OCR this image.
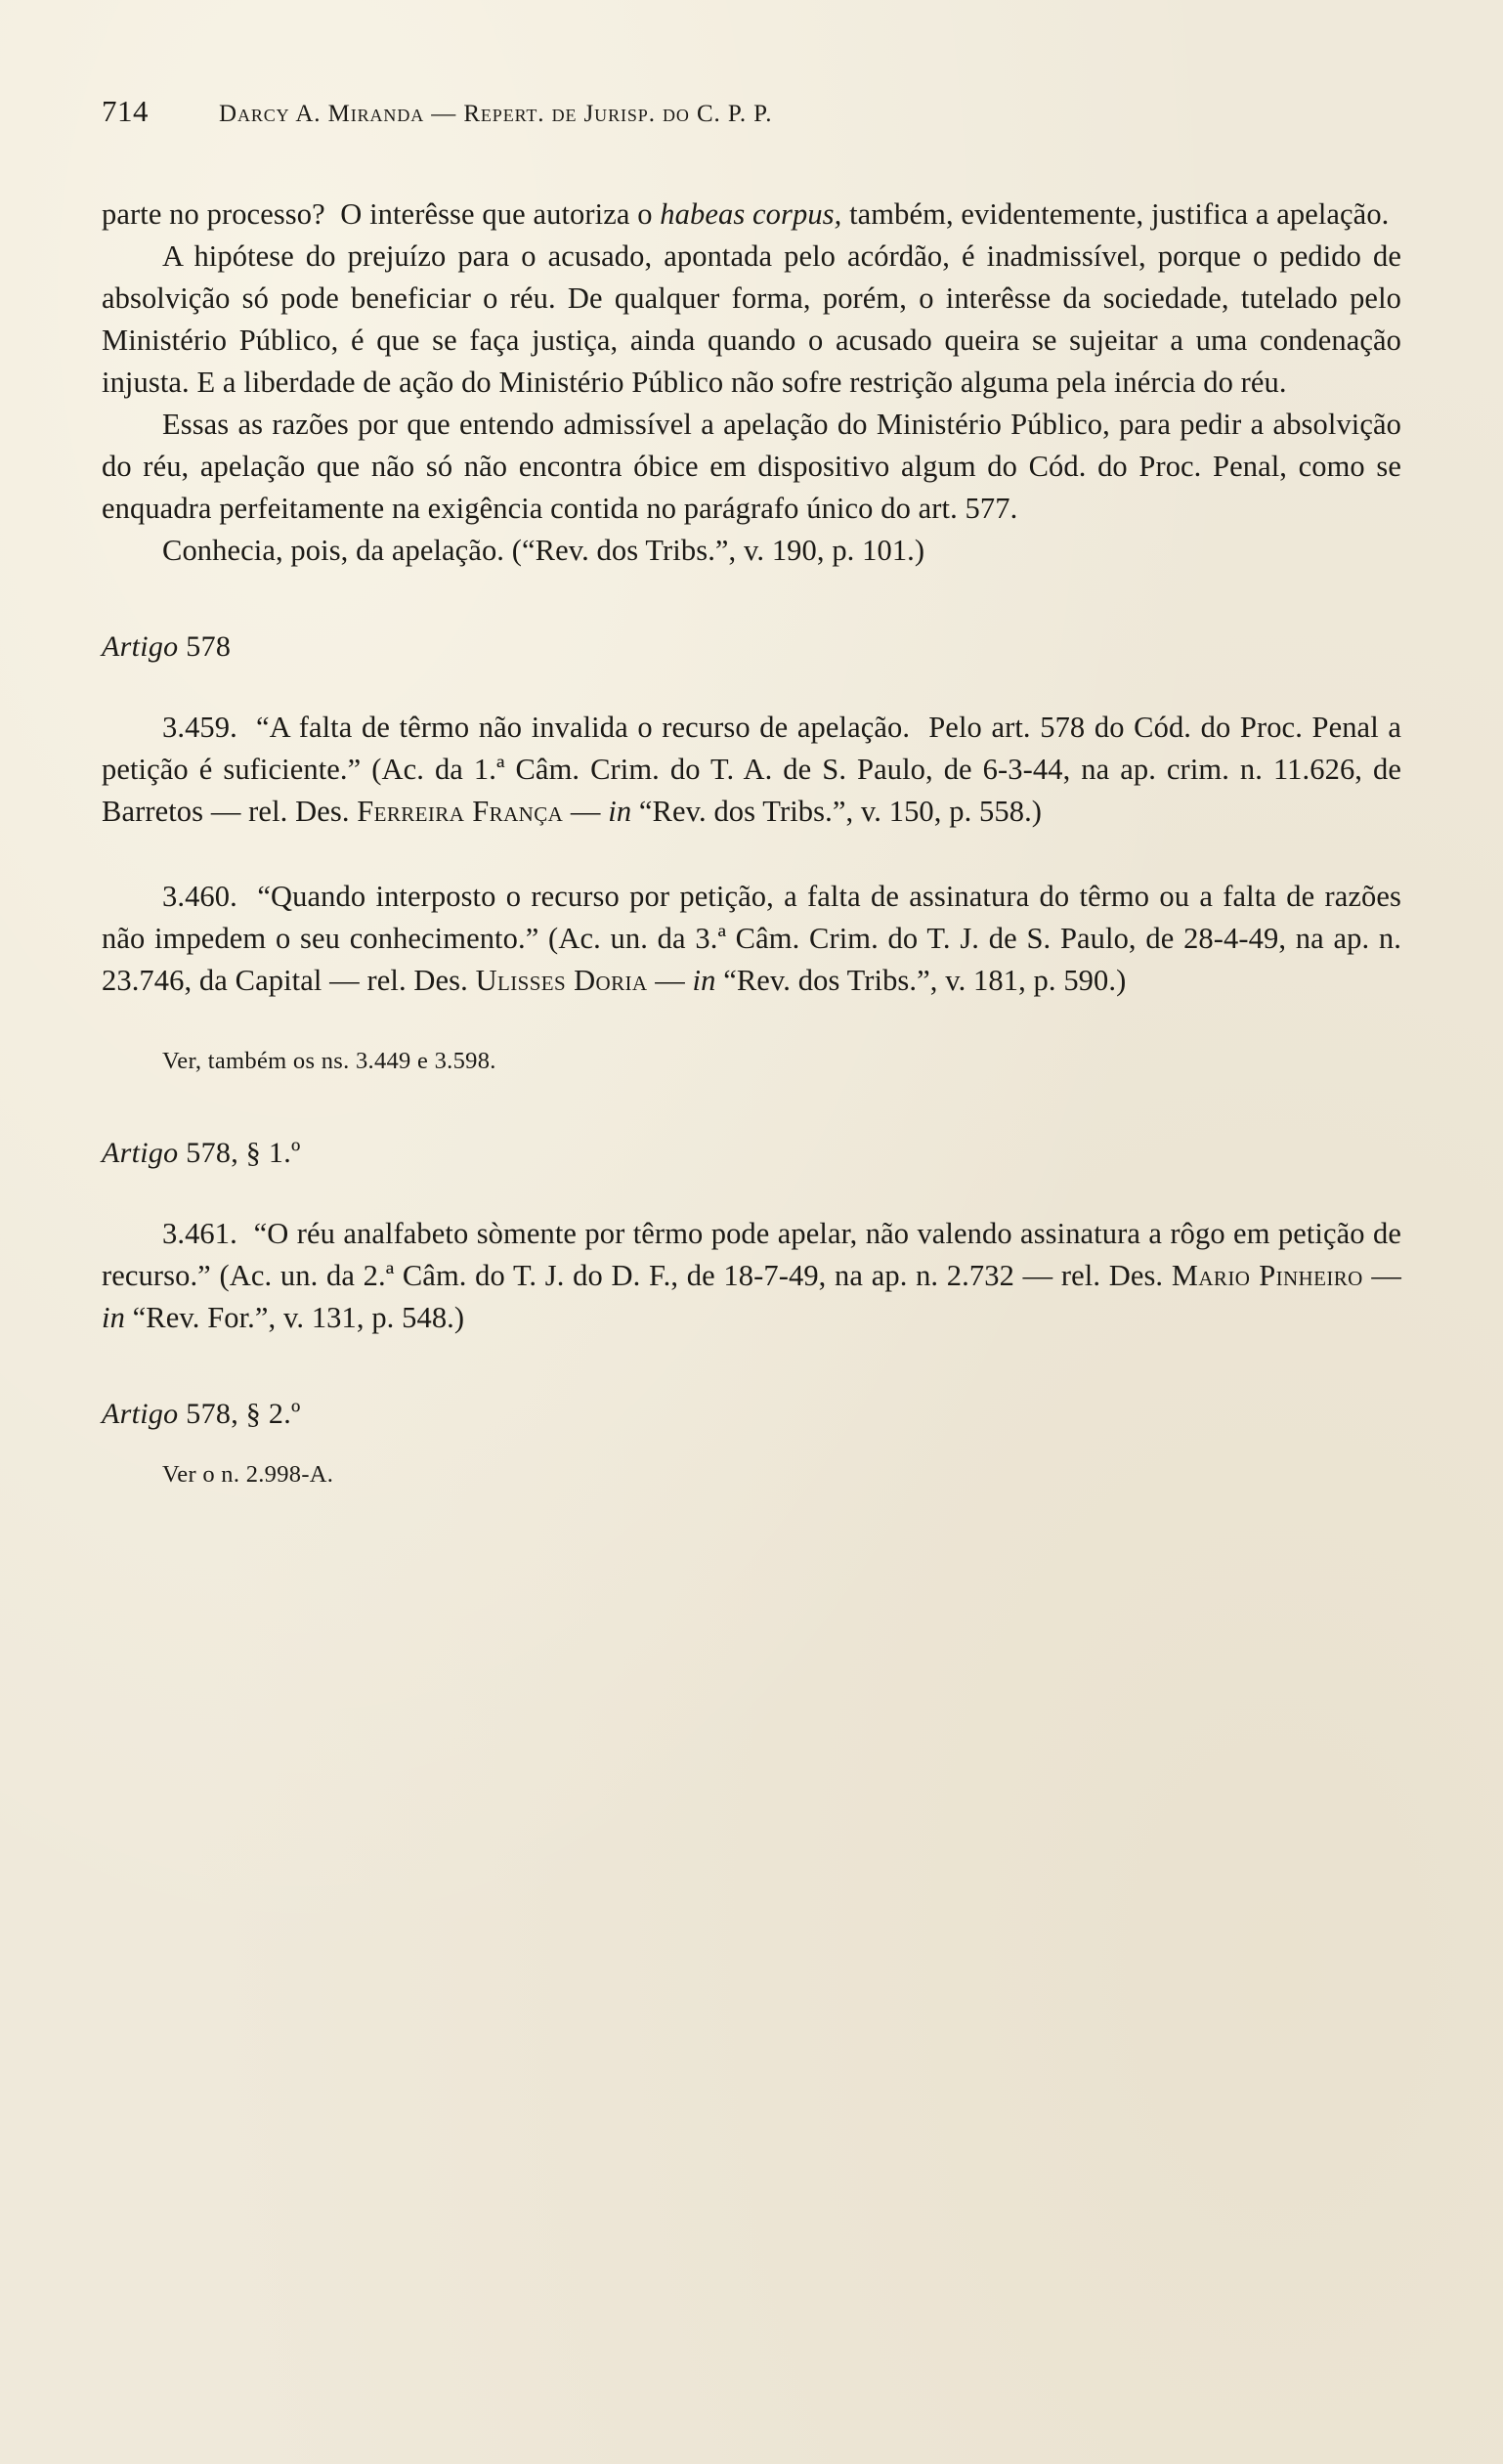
714	Darcy A. Miranda — Repert. de Jurisp. do C. P. P.

parte no processo?  O interêsse que autoriza o habeas corpus, também, evidentemente, justifica a apelação.

A hipótese do prejuízo para o acusado, apontada pelo acórdão, é inadmissível, porque o pedido de absolvição só pode beneficiar o réu. De qualquer forma, porém, o interêsse da sociedade, tutelado pelo Ministério Público, é que se faça justiça, ainda quando o acusado queira se sujeitar a uma condenação injusta. E a liberdade de ação do Ministério Público não sofre restrição alguma pela inércia do réu.

Essas as razões por que entendo admissível a apelação do Ministério Público, para pedir a absolvição do réu, apelação que não só não encontra óbice em dispositivo algum do Cód. do Proc. Penal, como se enquadra perfeitamente na exigência contida no parágrafo único do art. 577.

Conhecia, pois, da apelação. (“Rev. dos Tribs.”, v. 190, p. 101.)

Artigo 578

3.459.  “A falta de têrmo não invalida o recurso de apelação.  Pelo art. 578 do Cód. do Proc. Penal a petição é suficiente.” (Ac. da 1.ª Câm. Crim. do T. A. de S. Paulo, de 6-3-44, na ap. crim. n. 11.626, de Barretos — rel. Des. Ferreira França — in “Rev. dos Tribs.”, v. 150, p. 558.)

3.460.  “Quando interposto o recurso por petição, a falta de assinatura do têrmo ou a falta de razões não impedem o seu conhecimento.” (Ac. un. da 3.ª Câm. Crim. do T. J. de S. Paulo, de 28-4-49, na ap. n. 23.746, da Capital — rel. Des. Ulisses Doria — in “Rev. dos Tribs.”, v. 181, p. 590.)

Ver, também os ns. 3.449 e 3.598.

Artigo 578, § 1.º

3.461.  “O réu analfabeto sòmente por têrmo pode apelar, não valendo assinatura a rôgo em petição de recurso.” (Ac. un. da 2.ª Câm. do T. J. do D. F., de 18-7-49, na ap. n. 2.732 — rel. Des. Mario Pinheiro — in “Rev. For.”, v. 131, p. 548.)

Artigo 578, § 2.º

Ver o n. 2.998-A.
